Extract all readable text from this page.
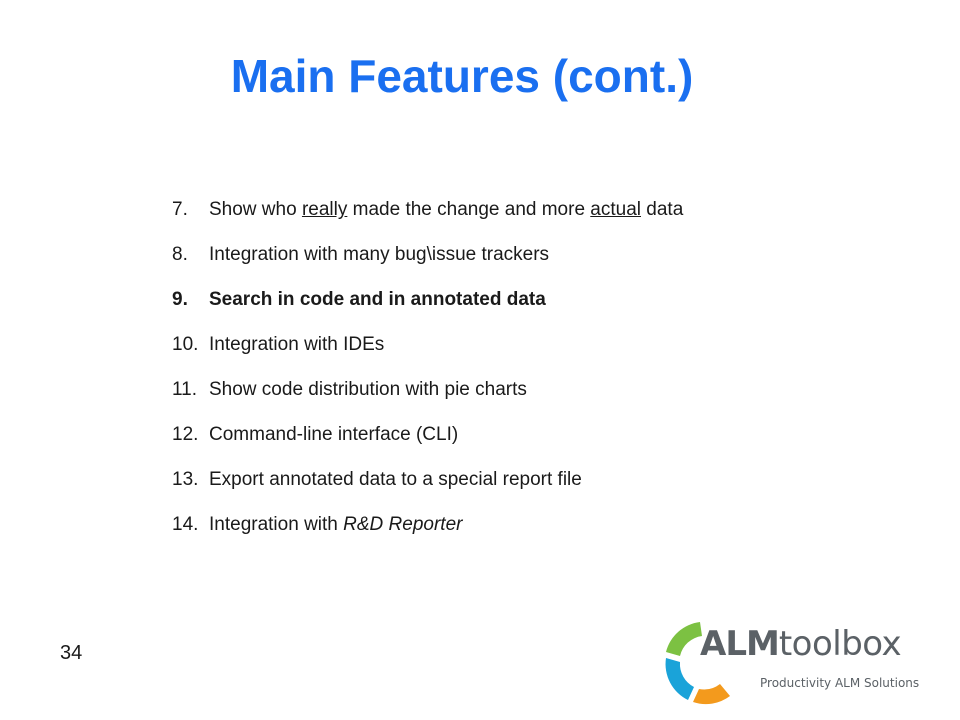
Main Features (cont.)
7.	Show who really made the change and more actual data
8.	Integration with many bug\issue trackers
9.	Search in code and in annotated data
10. Integration with IDEs
11. Show code distribution with pie charts
12. Command-line interface (CLI)
13. Export annotated data to a special report file
14. Integration with R&D Reporter
34	ALMtoolbox
Productivity ALM Solutions
